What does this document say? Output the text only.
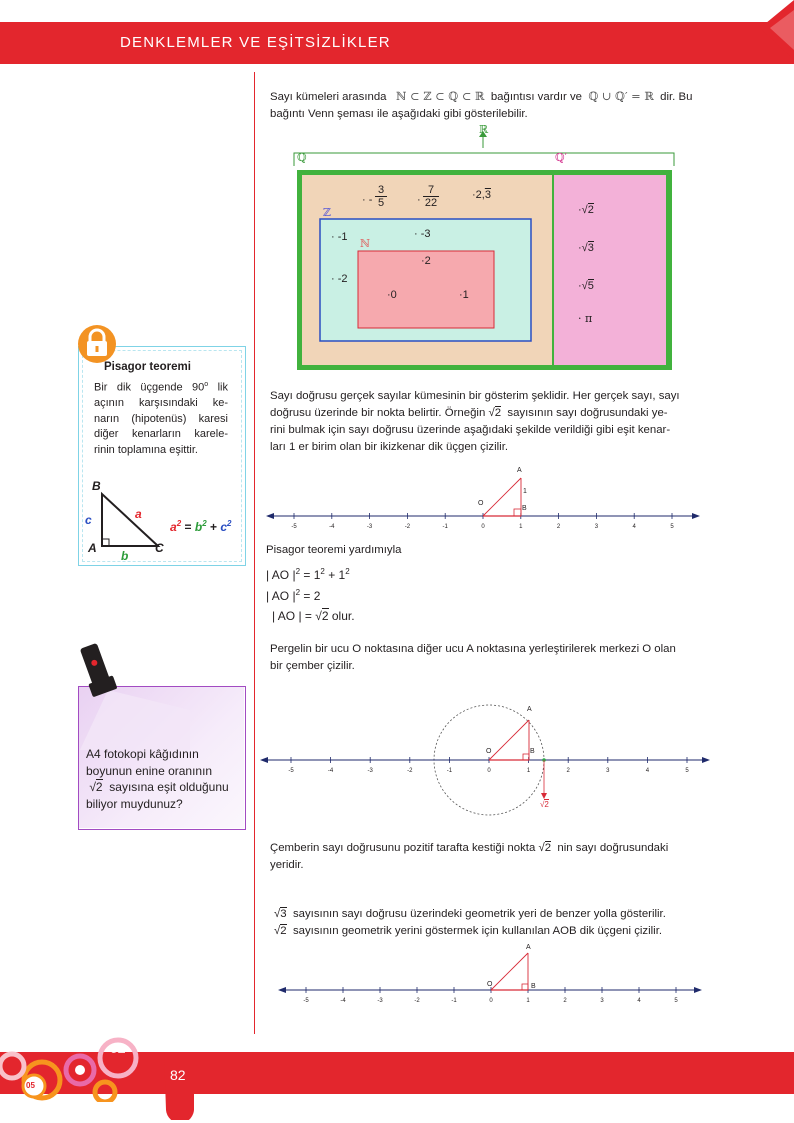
DENKLEMLER VE EŞİTSİZLİKLER

Sayı kümeleri arasında ℕ ⊂ ℤ ⊂ ℚ ⊂ ℝ bağıntısı vardır ve ℚ ∪ ℚ′ = ℝ dir. Bu

bağıntı Venn şeması ile aşağıdaki gibi gösterilebilir.

ℝ
ℚ	ℚ′
ℤ
ℕ
· -
3
5	·
7
22
·2,3
· -1	· -3
· -2
·2
·0	·1
·√2
·√3
·√5
· π

Sayı doğrusu gerçek sayılar kümesinin bir gösterim şeklidir. Her gerçek sayı, sayı

doğrusu üzerinde bir nokta belirtir. Örneğin √2 sayısının sayı doğrusundaki ye-

rini bulmak için sayı doğrusu üzerinde aşağıdaki şekilde verildiği gibi eşit kenar-

ları 1 er birim olan bir ikizkenar dik üçgen çizilir.

-5	-4	-3	-2	-1	0	1	2	3	4	5
A
O
1
B
Pisagor teoremi yardımıyla
| AO $|^2 = 1^2 + 1^2$
| AO $|^2 = 2$
| AO | = √2 olur.

Pergelin bir ucu O noktasına diğer ucu A noktasına yerleştirilerek merkezi O olan

bir çember çizilir.

-5	-4	-3	-2	-1	0	1	2	3	4	5
A
O	B
√2

Çemberin sayı doğrusunu pozitif tarafta kestiği nokta √2 nin sayı doğrusundaki

yeridir.

√3 sayısının sayı doğrusu üzerindeki geometrik yeri de benzer yolla gösterilir.

√2 sayısının geometrik yerini göstermek için kullanılan AOB dik üçgeni çizilir.

-5	-4	-3	-2	-1	0	1	2	3	4	5
A
O	B
Pisagor teoremi
Bir dik üçgende 90$^o$ lik
açının karşısındaki ke-
narın (hipotenüs) karesi
diğer kenarların karele-
rinin toplamına eşittir.
B
A	C
a
b
c	$a^2 = b^2 + c^2$
A4 fotokopi kâğıdının
boyunun enine oranının
√2 sayısına eşit olduğunu
biliyor muydunuz?
05
02
82
